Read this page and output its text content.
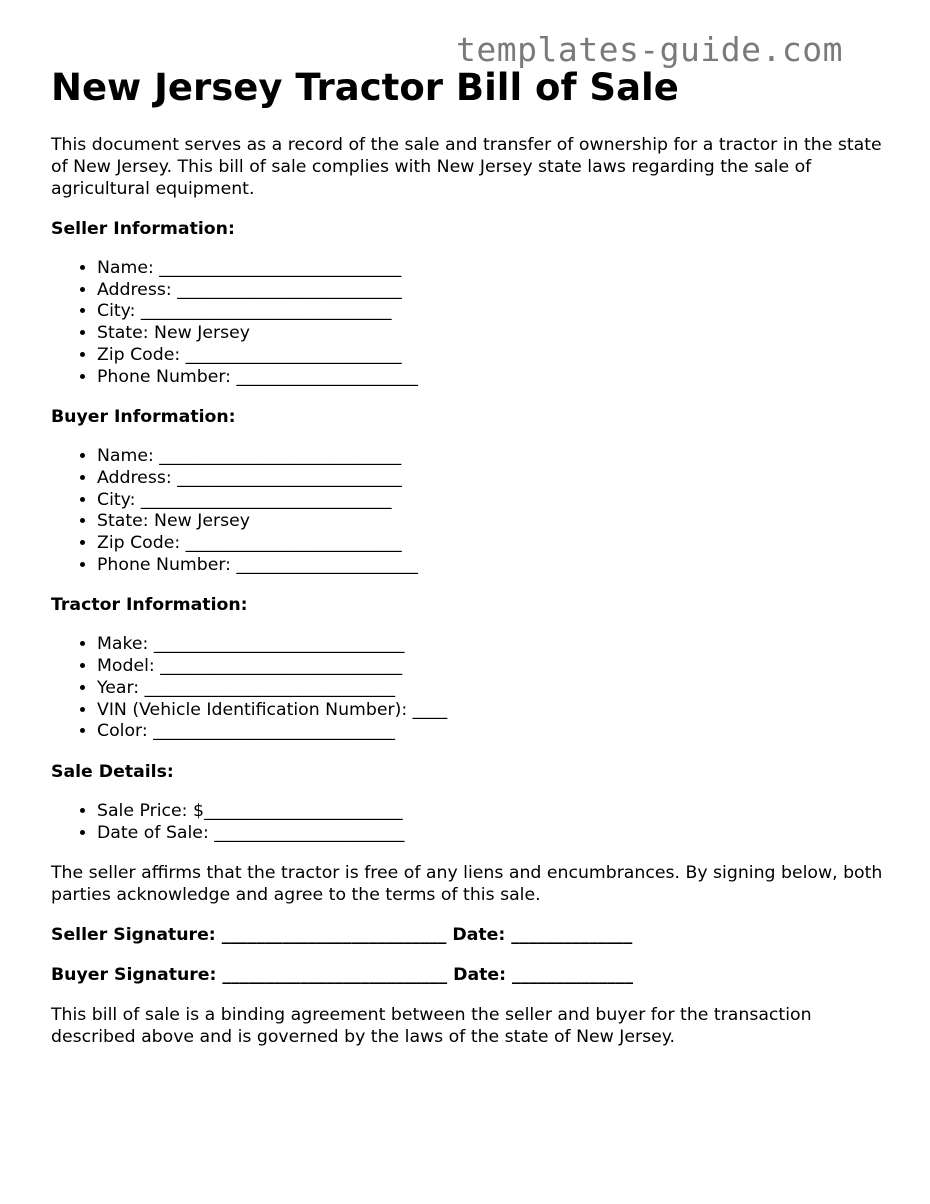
templates-guide.com
New Jersey Tractor Bill of Sale

This document serves as a record of the sale and transfer of ownership for a tractor in the state of New Jersey. This bill of sale complies with New Jersey state laws regarding the sale of agricultural equipment.

Seller Information:
• Name: ____________________________
• Address: __________________________
• City: _____________________________
• State: New Jersey
• Zip Code: _________________________
• Phone Number: _____________________
Buyer Information:
• Name: ____________________________
• Address: __________________________
• City: _____________________________
• State: New Jersey
• Zip Code: _________________________
• Phone Number: _____________________
Tractor Information:
• Make: _____________________________
• Model: ____________________________
• Year: _____________________________
• VIN (Vehicle Identification Number): ____
• Color: ____________________________
Sale Details:
• Sale Price: $_______________________
• Date of Sale: ______________________

The seller affirms that the tractor is free of any liens and encumbrances. By signing below, both parties acknowledge and agree to the terms of this sale.

Seller Signature: __________________________ Date: ______________
Buyer Signature: __________________________ Date: ______________

This bill of sale is a binding agreement between the seller and buyer for the transaction described above and is governed by the laws of the state of New Jersey.
